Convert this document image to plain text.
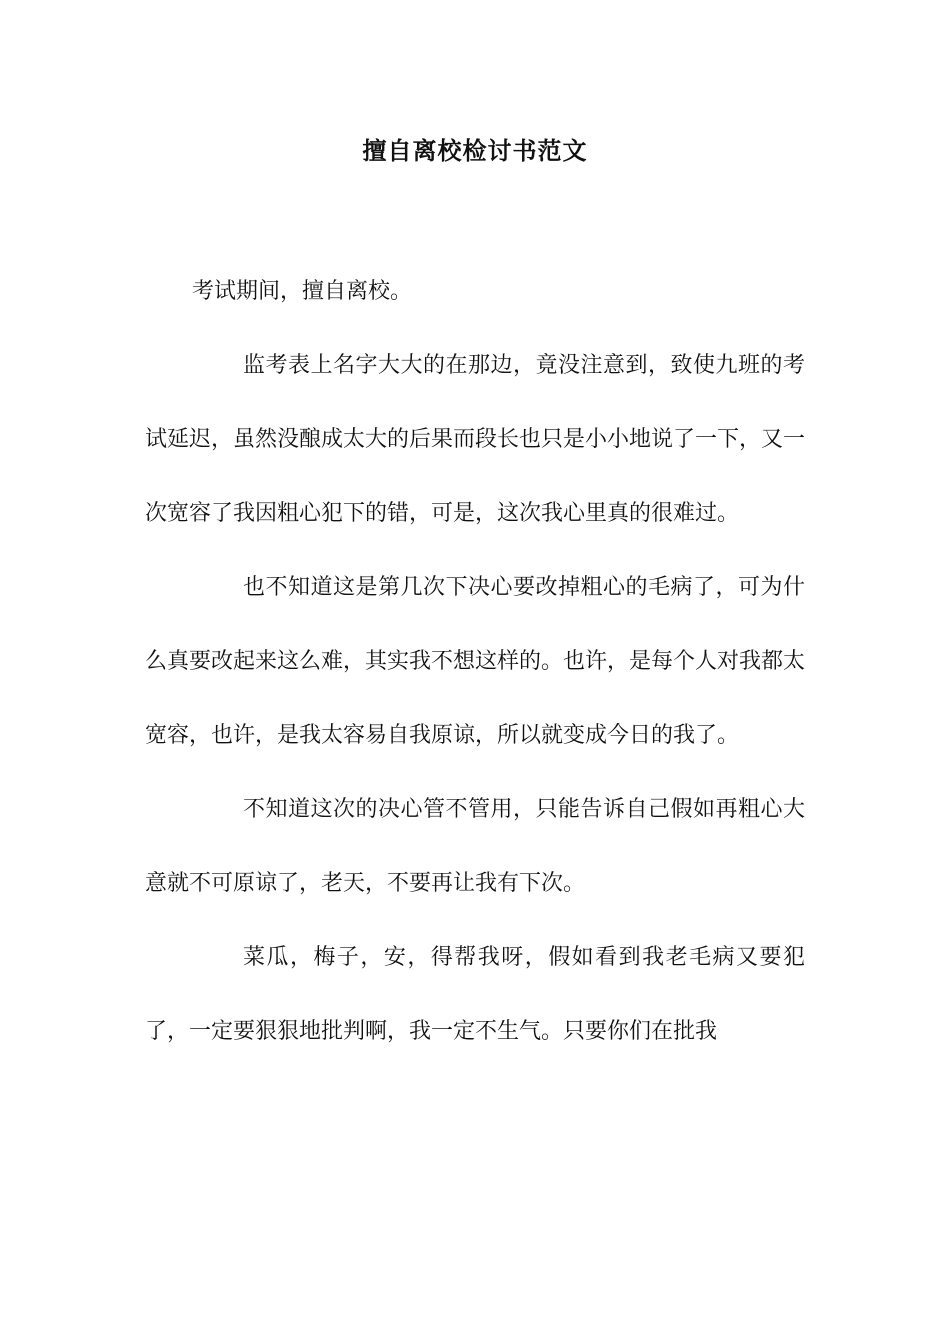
擅自离校检讨书范文

考试期间，擅自离校。

监考表上名字大大的在那边，竟没注意到，致使九班的考试延迟，虽然没酿成太大的后果而段长也只是小小地说了一下，又一次宽容了我因粗心犯下的错，可是，这次我心里真的很难过。

也不知道这是第几次下决心要改掉粗心的毛病了，可为什么真要改起来这么难，其实我不想这样的。也许，是每个人对我都太宽容，也许，是我太容易自我原谅，所以就变成今日的我了。

不知道这次的决心管不管用，只能告诉自己假如再粗心大意就不可原谅了，老天，不要再让我有下次。

菜瓜，梅子，安，得帮我呀，假如看到我老毛病又要犯了，一定要狠狠地批判啊，我一定不生气。只要你们在批我
